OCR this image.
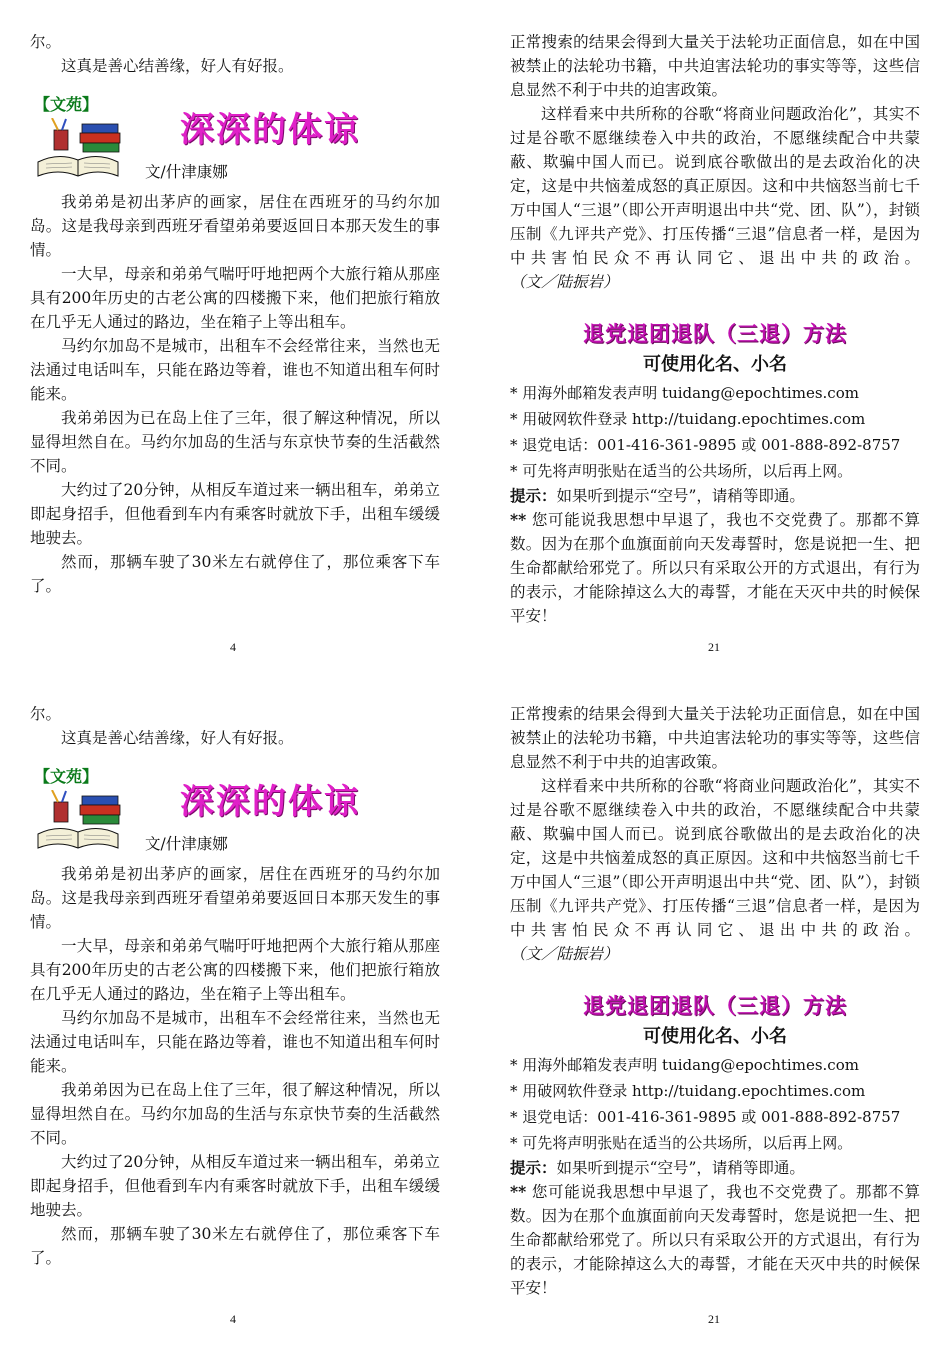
尔。

这真是善心结善缘，好人有好报。

【文苑】
深深的体谅
文/什津康娜

我弟弟是初出茅庐的画家，居住在西班牙的马约尔加岛。这是我母亲到西班牙看望弟弟要返回日本那天发生的事情。

一大早，母亲和弟弟气喘吁吁地把两个大旅行箱从那座具有200年历史的古老公寓的四楼搬下来，他们把旅行箱放在几乎无人通过的路边，坐在箱子上等出租车。

马约尔加岛不是城市，出租车不会经常往来，当然也无法通过电话叫车，只能在路边等着，谁也不知道出租车何时能来。

我弟弟因为已在岛上住了三年，很了解这种情况，所以显得坦然自在。马约尔加岛的生活与东京快节奏的生活截然不同。

大约过了20分钟，从相反车道过来一辆出租车，弟弟立即起身招手，但他看到车内有乘客时就放下手，出租车缓缓地驶去。

然而，那辆车驶了30米左右就停住了，那位乘客下车了。

正常搜索的结果会得到大量关于法轮功正面信息，如在中国被禁止的法轮功书籍，中共迫害法轮功的事实等等，这些信息显然不利于中共的迫害政策。

这样看来中共所称的谷歌“将商业问题政治化”，其实不过是谷歌不愿继续卷入中共的政治，不愿继续配合中共蒙蔽、欺骗中国人而已。说到底谷歌做出的是去政治化的决定，这是中共恼羞成怒的真正原因。这和中共恼怒当前七千万中国人“三退”（即公开声明退出中共“党、团、队”），封锁压制《九评共产党》、打压传播“三退”信息者一样，是因为中共害怕民众不再认同它、退出中共的政治。（文／陆振岩）

退党退团退队（三退）方法
可使用化名、小名
* 用海外邮箱发表声明 tuidang@epochtimes.com
* 用破网软件登录 http://tuidang.epochtimes.com
* 退党电话：001-416-361-9895 或 001-888-892-8757
* 可先将声明张贴在适当的公共场所，以后再上网。

提示：如果听到提示“空号”，请稍等即通。

** 您可能说我思想中早退了，我也不交党费了。那都不算数。因为在那个血旗面前向天发毒誓时，您是说把一生、把生命都献给邪党了。所以只有采取公开的方式退出，有行为的表示，才能除掉这么大的毒誓，才能在天灭中共的时候保平安！

4	21

尔。

这真是善心结善缘，好人有好报。

【文苑】
深深的体谅
文/什津康娜

我弟弟是初出茅庐的画家，居住在西班牙的马约尔加岛。这是我母亲到西班牙看望弟弟要返回日本那天发生的事情。

一大早，母亲和弟弟气喘吁吁地把两个大旅行箱从那座具有200年历史的古老公寓的四楼搬下来，他们把旅行箱放在几乎无人通过的路边，坐在箱子上等出租车。

马约尔加岛不是城市，出租车不会经常往来，当然也无法通过电话叫车，只能在路边等着，谁也不知道出租车何时能来。

我弟弟因为已在岛上住了三年，很了解这种情况，所以显得坦然自在。马约尔加岛的生活与东京快节奏的生活截然不同。

大约过了20分钟，从相反车道过来一辆出租车，弟弟立即起身招手，但他看到车内有乘客时就放下手，出租车缓缓地驶去。

然而，那辆车驶了30米左右就停住了，那位乘客下车了。

正常搜索的结果会得到大量关于法轮功正面信息，如在中国被禁止的法轮功书籍，中共迫害法轮功的事实等等，这些信息显然不利于中共的迫害政策。

这样看来中共所称的谷歌“将商业问题政治化”，其实不过是谷歌不愿继续卷入中共的政治，不愿继续配合中共蒙蔽、欺骗中国人而已。说到底谷歌做出的是去政治化的决定，这是中共恼羞成怒的真正原因。这和中共恼怒当前七千万中国人“三退”（即公开声明退出中共“党、团、队”），封锁压制《九评共产党》、打压传播“三退”信息者一样，是因为中共害怕民众不再认同它、退出中共的政治。（文／陆振岩）

退党退团退队（三退）方法
可使用化名、小名
* 用海外邮箱发表声明 tuidang@epochtimes.com
* 用破网软件登录 http://tuidang.epochtimes.com
* 退党电话：001-416-361-9895 或 001-888-892-8757
* 可先将声明张贴在适当的公共场所，以后再上网。

提示：如果听到提示“空号”，请稍等即通。

** 您可能说我思想中早退了，我也不交党费了。那都不算数。因为在那个血旗面前向天发毒誓时，您是说把一生、把生命都献给邪党了。所以只有采取公开的方式退出，有行为的表示，才能除掉这么大的毒誓，才能在天灭中共的时候保平安！

4	21
